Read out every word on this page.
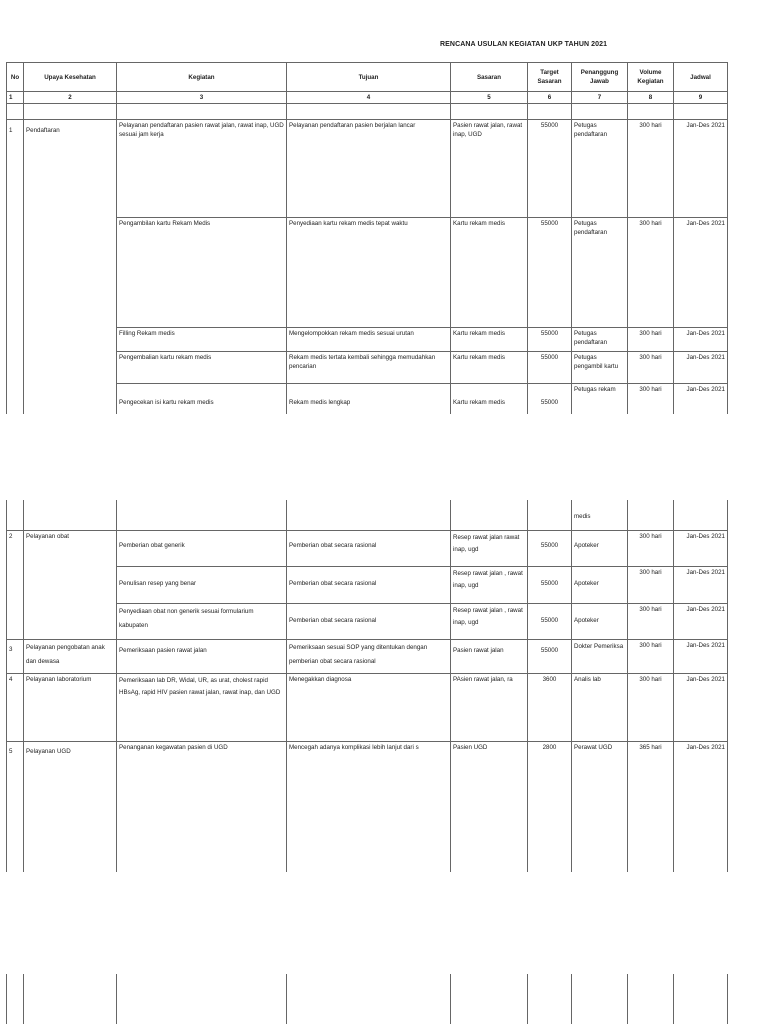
RENCANA USULAN KEGIATAN UKP TAHUN 2021
No	Upaya Kesehatan	Kegiatan	Tujuan	Sasaran	Target Sasaran	Penanggung Jawab	Volume Kegiatan	Jadwal
1	2	3	4	5	6	7	8	9

1	Pendaftaran	Pelayanan pendaftaran pasien rawat jalan, rawat inap, UGD sesuai jam kerja	Pelayanan pendaftaran pasien berjalan lancar	Pasien rawat jalan, rawat inap, UGD	55000	Petugas pendaftaran	300 hari	Jan-Des 2021
		Pengambilan kartu Rekam Medis	Penyediaan kartu rekam medis tepat waktu	Kartu rekam medis	55000	Petugas pendaftaran	300 hari	Jan-Des 2021
		Filling Rekam medis	Mengelompokkan rekam medis sesuai urutan	Kartu rekam medis	55000	Petugas pendaftaran	300 hari	Jan-Des 2021
		Pengembalian kartu rekam medis	Rekam medis tertata kembali sehingga memudahkan pencarian	Kartu rekam medis	55000	Petugas pengambil kartu	300 hari	Jan-Des 2021
		Pengecekan isi kartu rekam medis	Rekam medis lengkap	Kartu rekam medis	55000	Petugas rekam	300 hari	Jan-Des 2021
						medis		
2	Pelayanan obat	Pemberian obat generik	Pemberian obat secara rasional	Resep rawat jalan rawat inap, ugd	55000	Apoteker	300 hari	Jan-Des 2021
		Penulisan resep yang benar	Pemberian obat secara rasional	Resep rawat jalan , rawat inap, ugd	55000	Apoteker	300 hari	Jan-Des 2021
		Penyediaan obat non generik sesuai formularium kabupaten	Pemberian obat secara rasional	Resep rawat jalan , rawat inap, ugd	55000	Apoteker	300 hari	Jan-Des 2021
3	Pelayanan pengobatan anak dan dewasa	Pemeriksaan pasien rawat jalan	Pemeriksaan sesuai SOP yang ditentukan dengan pemberian obat secara rasional	Pasien rawat jalan	55000	Dokter Pemeriksa	300 hari	Jan-Des 2021
4	Pelayanan laboratorium	Pemeriksaan lab DR, Widal, UR, as urat, cholest rapid HBsAg, rapid HIV pasien rawat jalan, rawat inap, dan UGD	Menegakkan diagnosa	PAsien rawat jalan, ra	3600	Analis lab	300 hari	Jan-Des 2021
5	Pelayanan UGD	Penanganan kegawatan pasien di UGD	Mencegah adanya komplikasi lebih lanjut dari s	Pasien UGD	2800	Perawat UGD	365 hari	Jan-Des 2021
